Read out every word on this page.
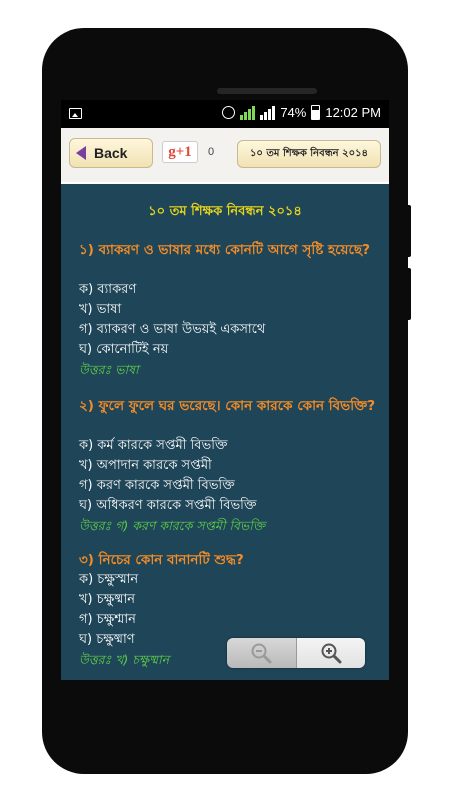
74% 12:02 PM
Back	g+1	0	১০ তম শিক্ষক নিবন্ধন ২০১৪
১০ তম শিক্ষক নিবন্ধন ২০১৪
১) ব্যাকরণ ও ভাষার মধ্যে কোনটি আগে সৃষ্টি হয়েছে?
ক) ব্যাকরণ
খ) ভাষা
গ) ব্যাকরণ ও ভাষা উভয়ই একসাথে
ঘ) কোনোটিই নয়
উত্তরঃ ভাষা
২) ফুলে ফুলে ঘর ভরেছে। কোন কারকে কোন বিভক্তি?
ক) কর্ম কারকে সপ্তমী বিভক্তি
খ) অপাদান কারকে সপ্তমী
গ) করণ কারকে সপ্তমী বিভক্তি
ঘ) অধিকরণ কারকে সপ্তমী বিভক্তি
উত্তরঃ গ) করণ কারকে সপ্তমী বিভক্তি
৩) নিচের কোন বানানটি শুদ্ধ?
ক) চক্ষুস্মান
খ) চক্ষুষ্মান
গ) চক্ষুশ্মান
ঘ) চক্ষুষ্মাণ
উত্তরঃ খ) চক্ষুষ্মান
